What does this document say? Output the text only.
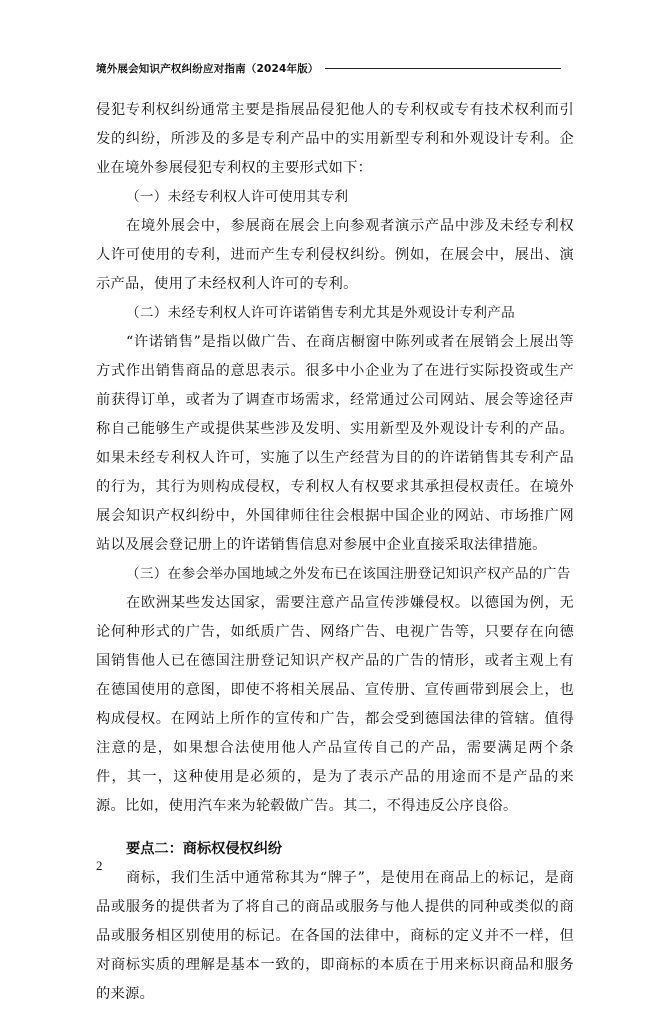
境外展会知识产权纠纷应对指南（2024年版）

侵犯专利权纠纷通常主要是指展品侵犯他人的专利权或专有技术权利而引发的纠纷，所涉及的多是专利产品中的实用新型专利和外观设计专利。企业在境外参展侵犯专利权的主要形式如下：

（一）未经专利权人许可使用其专利

在境外展会中，参展商在展会上向参观者演示产品中涉及未经专利权人许可使用的专利，进而产生专利侵权纠纷。例如，在展会中，展出、演示产品，使用了未经权利人许可的专利。

（二）未经专利权人许可许诺销售专利尤其是外观设计专利产品

“许诺销售”是指以做广告、在商店橱窗中陈列或者在展销会上展出等方式作出销售商品的意思表示。很多中小企业为了在进行实际投资或生产前获得订单，或者为了调查市场需求，经常通过公司网站、展会等途径声称自己能够生产或提供某些涉及发明、实用新型及外观设计专利的产品。如果未经专利权人许可，实施了以生产经营为目的的许诺销售其专利产品的行为，其行为则构成侵权，专利权人有权要求其承担侵权责任。在境外展会知识产权纠纷中，外国律师往往会根据中国企业的网站、市场推广网站以及展会登记册上的许诺销售信息对参展中企业直接采取法律措施。

（三）在参会举办国地域之外发布已在该国注册登记知识产权产品的广告

在欧洲某些发达国家，需要注意产品宣传涉嫌侵权。以德国为例，无论何种形式的广告，如纸质广告、网络广告、电视广告等，只要存在向德国销售他人已在德国注册登记知识产权产品的广告的情形，或者主观上有在德国使用的意图，即使不将相关展品、宣传册、宣传画带到展会上，也构成侵权。在网站上所作的宣传和广告，都会受到德国法律的管辖。值得注意的是，如果想合法使用他人产品宣传自己的产品，需要满足两个条件，其一，这种使用是必须的，是为了表示产品的用途而不是产品的来源。比如，使用汽车来为轮毂做广告。其二，不得违反公序良俗。

要点二：商标权侵权纠纷

商标，我们生活中通常称其为“牌子”，是使用在商品上的标记，是商品或服务的提供者为了将自己的商品或服务与他人提供的同种或类似的商品或服务相区别使用的标记。在各国的法律中，商标的定义并不一样，但对商标实质的理解是基本一致的，即商标的本质在于用来标识商品和服务的来源。

2
